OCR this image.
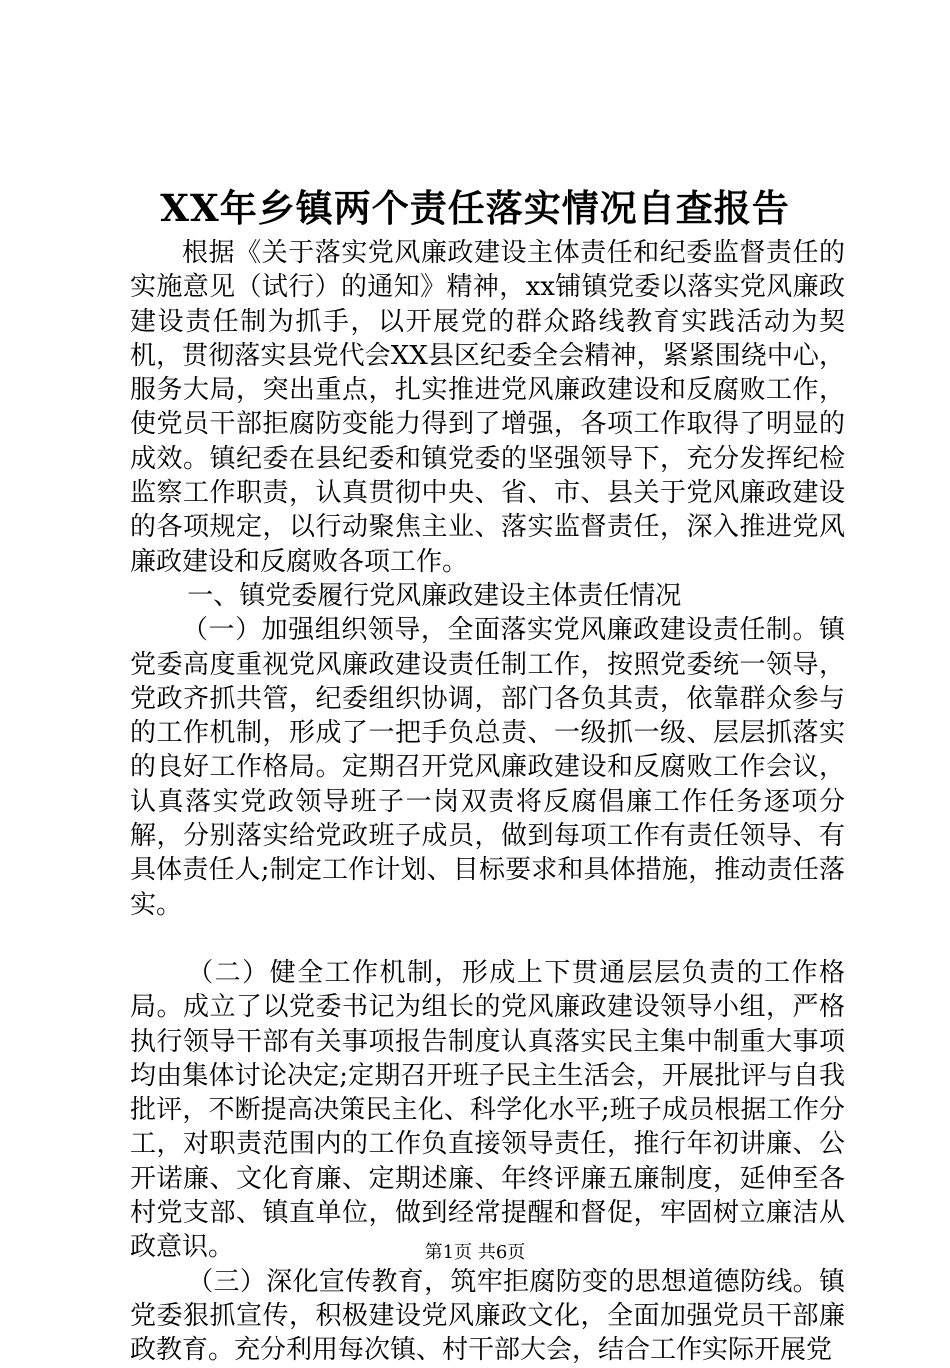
XX年乡镇两个责任落实情况自查报告

根据《关于落实党风廉政建设主体责任和纪委监督责任的实施意见（试行）的通知》精神，xx铺镇党委以落实党风廉政建设责任制为抓手，以开展党的群众路线教育实践活动为契机，贯彻落实县党代会XX县区纪委全会精神，紧紧围绕中心，服务大局，突出重点，扎实推进党风廉政建设和反腐败工作，使党员干部拒腐防变能力得到了增强，各项工作取得了明显的成效。镇纪委在县纪委和镇党委的坚强领导下，充分发挥纪检监察工作职责，认真贯彻中央、省、市、县关于党风廉政建设的各项规定，以行动聚焦主业、落实监督责任，深入推进党风廉政建设和反腐败各项工作。

一、镇党委履行党风廉政建设主体责任情况

（一）加强组织领导，全面落实党风廉政建设责任制。镇党委高度重视党风廉政建设责任制工作，按照党委统一领导，党政齐抓共管，纪委组织协调，部门各负其责，依靠群众参与的工作机制，形成了一把手负总责、一级抓一级、层层抓落实的良好工作格局。定期召开党风廉政建设和反腐败工作会议，认真落实党政领导班子一岗双责将反腐倡廉工作任务逐项分解，分别落实给党政班子成员，做到每项工作有责任领导、有具体责任人;制定工作计划、目标要求和具体措施，推动责任落实。

（二）健全工作机制，形成上下贯通层层负责的工作格局。成立了以党委书记为组长的党风廉政建设领导小组，严格执行领导干部有关事项报告制度认真落实民主集中制重大事项均由集体讨论决定;定期召开班子民主生活会，开展批评与自我批评，不断提高决策民主化、科学化水平;班子成员根据工作分工，对职责范围内的工作负直接领导责任，推行年初讲廉、公开诺廉、文化育廉、定期述廉、年终评廉五廉制度，延伸至各村党支部、镇直单位，做到经常提醒和督促，牢固树立廉洁从政意识。

（三）深化宣传教育，筑牢拒腐防变的思想道德防线。镇党委狠抓宣传，积极建设党风廉政文化，全面加强党员干部廉政教育。充分利用每次镇、村干部大会，结合工作实际开展党

第1页 共6页
